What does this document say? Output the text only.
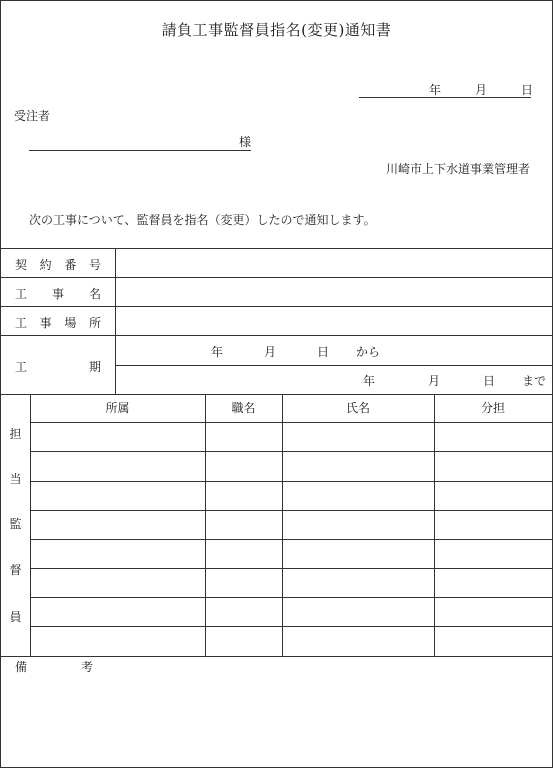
請負工事監督員指名(変更)通知書
年	月	日
受注者
様
川崎市上下水道事業管理者
次の工事について、監督員を指名（変更）したので通知します。
契 約 番 号
工 事 名
工 事 場 所
工	期
年	月	日 から
年	月	日 まで
所属	職名	氏名	分担
担
当
監
督
員
備	考
